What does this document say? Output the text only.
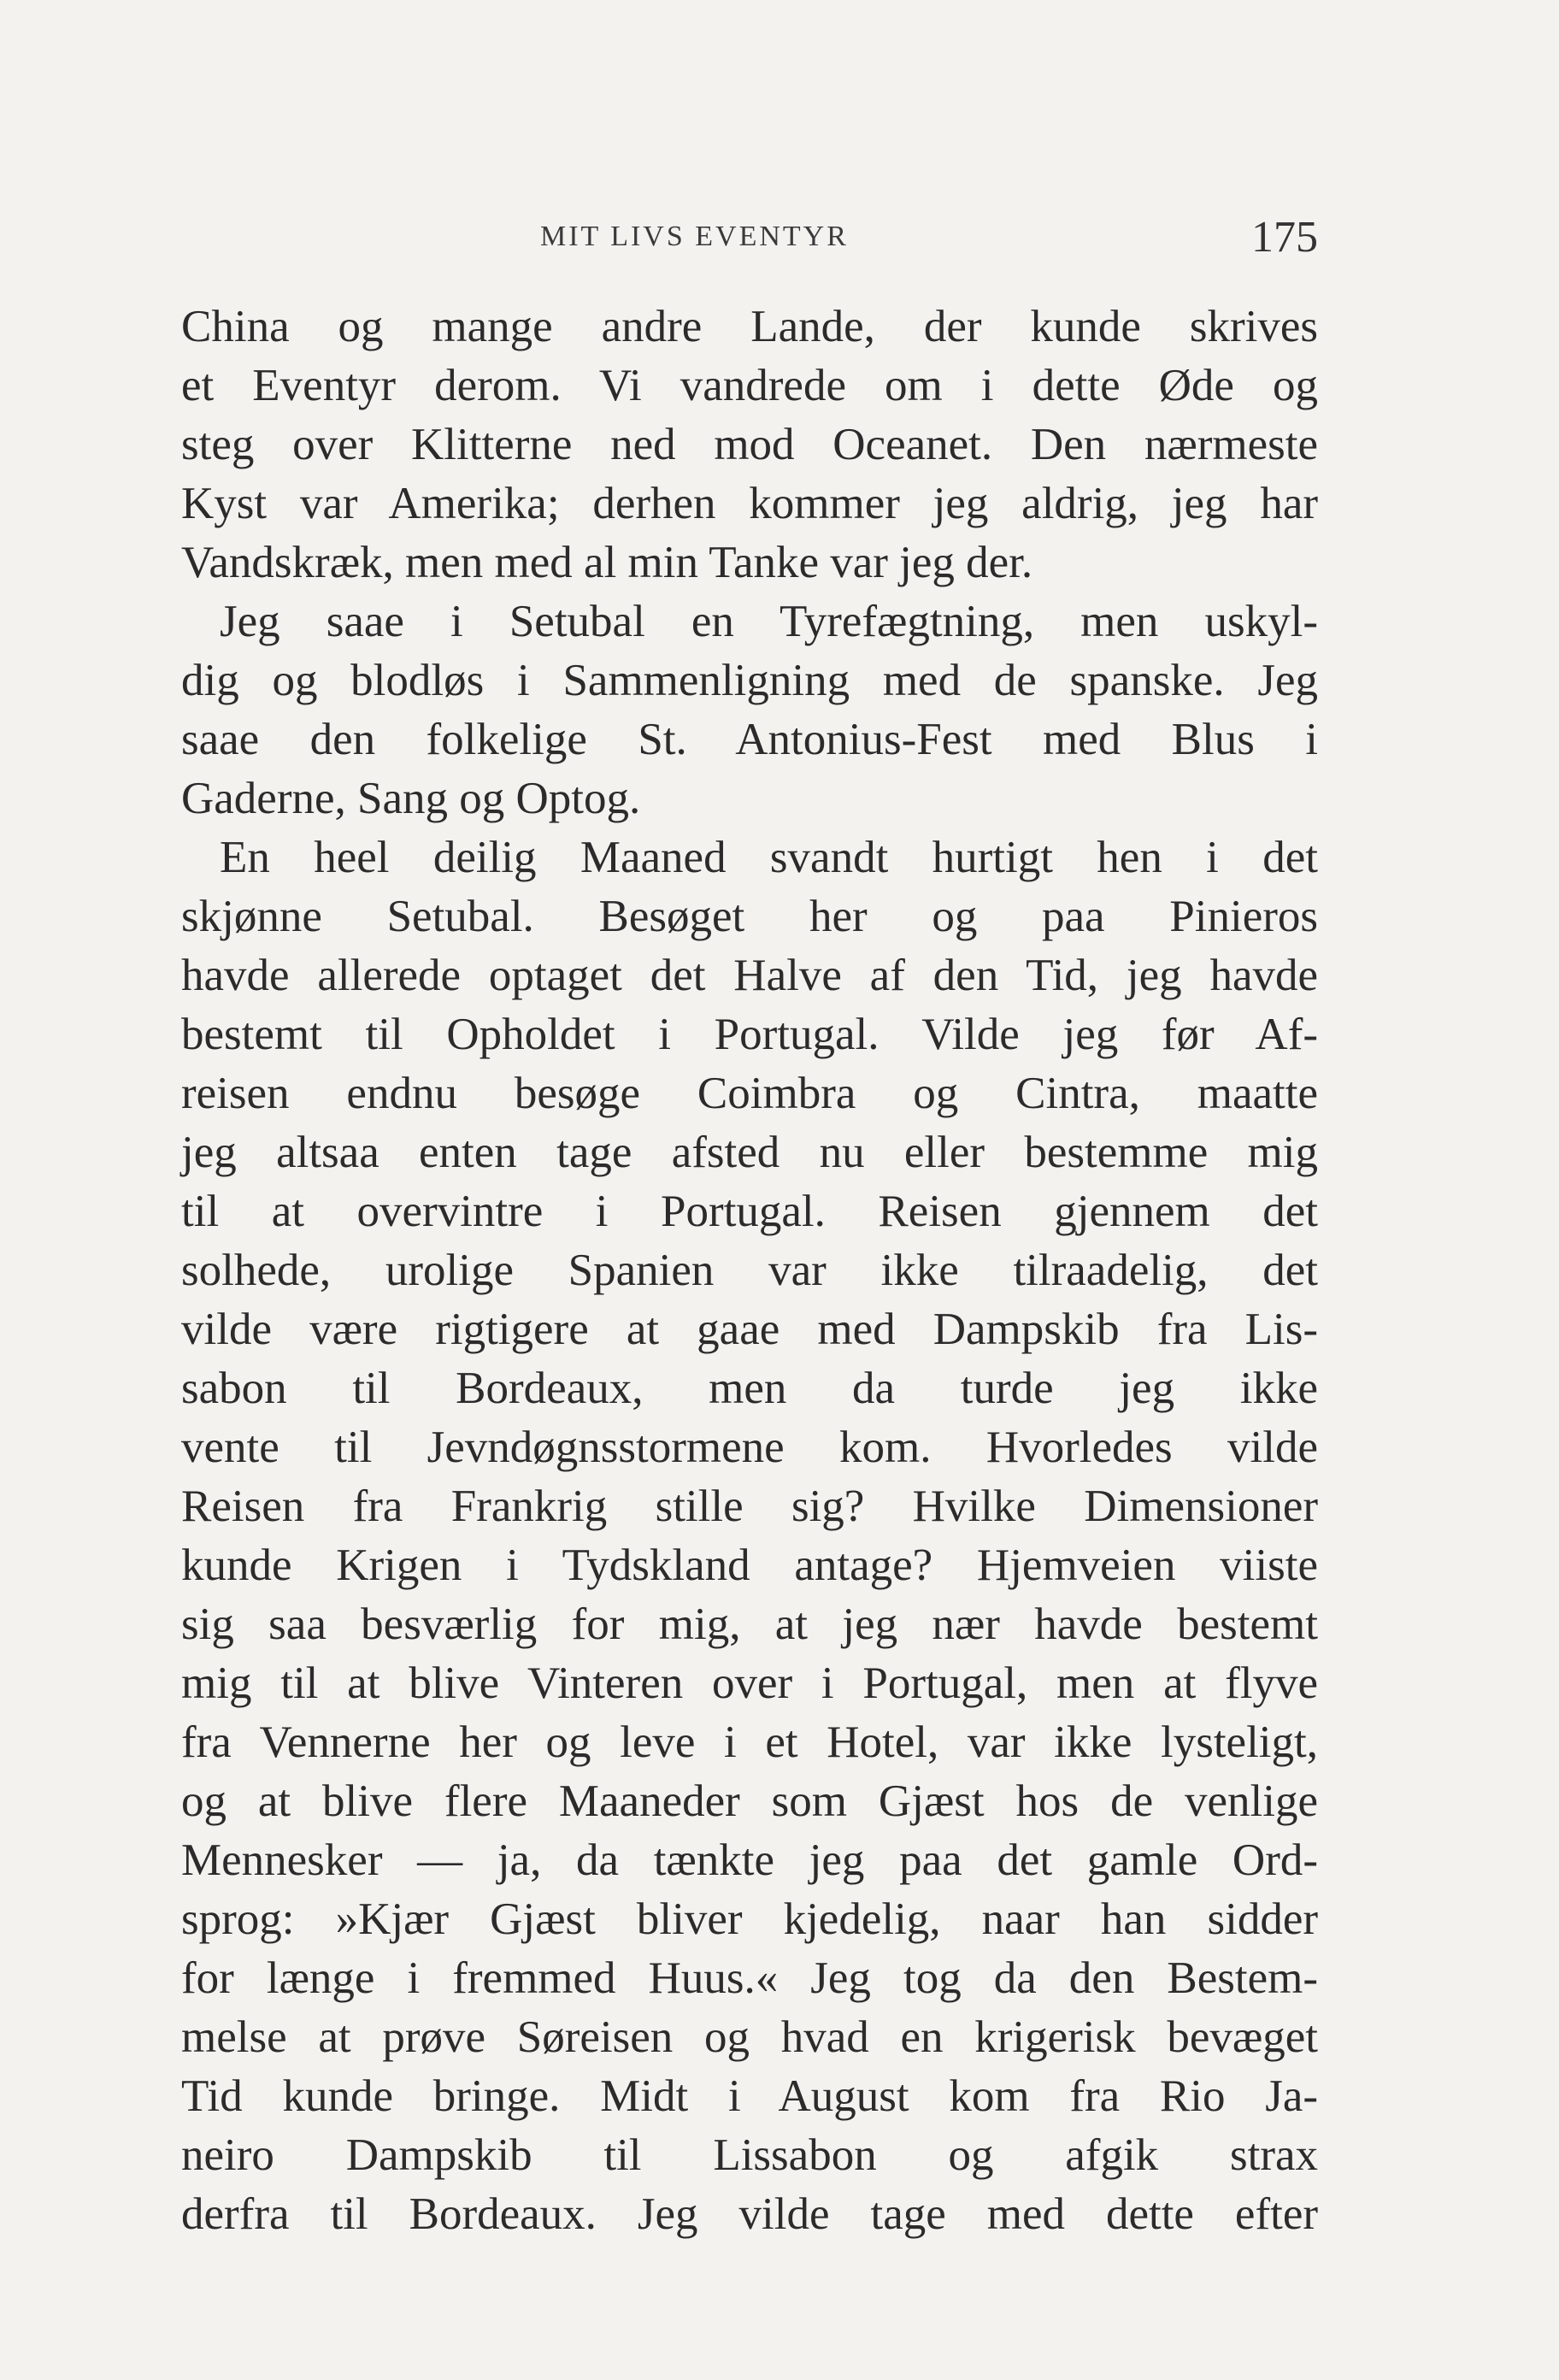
MIT LIVS EVENTYR	175
China og mange andre Lande, der kunde skrives
et Eventyr derom. Vi vandrede om i dette Øde og
steg over Klitterne ned mod Oceanet. Den nærmeste
Kyst var Amerika; derhen kommer jeg aldrig, jeg har
Vandskræk, men med al min Tanke var jeg der.
Jeg saae i Setubal en Tyrefægtning, men uskyl-
dig og blodløs i Sammenligning med de spanske. Jeg
saae den folkelige St. Antonius-Fest med Blus i
Gaderne, Sang og Optog.
En heel deilig Maaned svandt hurtigt hen i det
skjønne Setubal. Besøget her og paa Pinieros
havde allerede optaget det Halve af den Tid, jeg havde
bestemt til Opholdet i Portugal. Vilde jeg før Af-
reisen endnu besøge Coimbra og Cintra, maatte
jeg altsaa enten tage afsted nu eller bestemme mig
til at overvintre i Portugal. Reisen gjennem det
solhede, urolige Spanien var ikke tilraadelig, det
vilde være rigtigere at gaae med Dampskib fra Lis-
sabon til Bordeaux, men da turde jeg ikke
vente til Jevndøgnsstormene kom. Hvorledes vilde
Reisen fra Frankrig stille sig? Hvilke Dimensioner
kunde Krigen i Tydskland antage? Hjemveien viiste
sig saa besværlig for mig, at jeg nær havde bestemt
mig til at blive Vinteren over i Portugal, men at flyve
fra Vennerne her og leve i et Hotel, var ikke lysteligt,
og at blive flere Maaneder som Gjæst hos de venlige
Mennesker — ja, da tænkte jeg paa det gamle Ord-
sprog: »Kjær Gjæst bliver kjedelig, naar han sidder
for længe i fremmed Huus.« Jeg tog da den Bestem-
melse at prøve Søreisen og hvad en krigerisk bevæget
Tid kunde bringe. Midt i August kom fra Rio Ja-
neiro Dampskib til Lissabon og afgik strax
derfra til Bordeaux. Jeg vilde tage med dette efter
